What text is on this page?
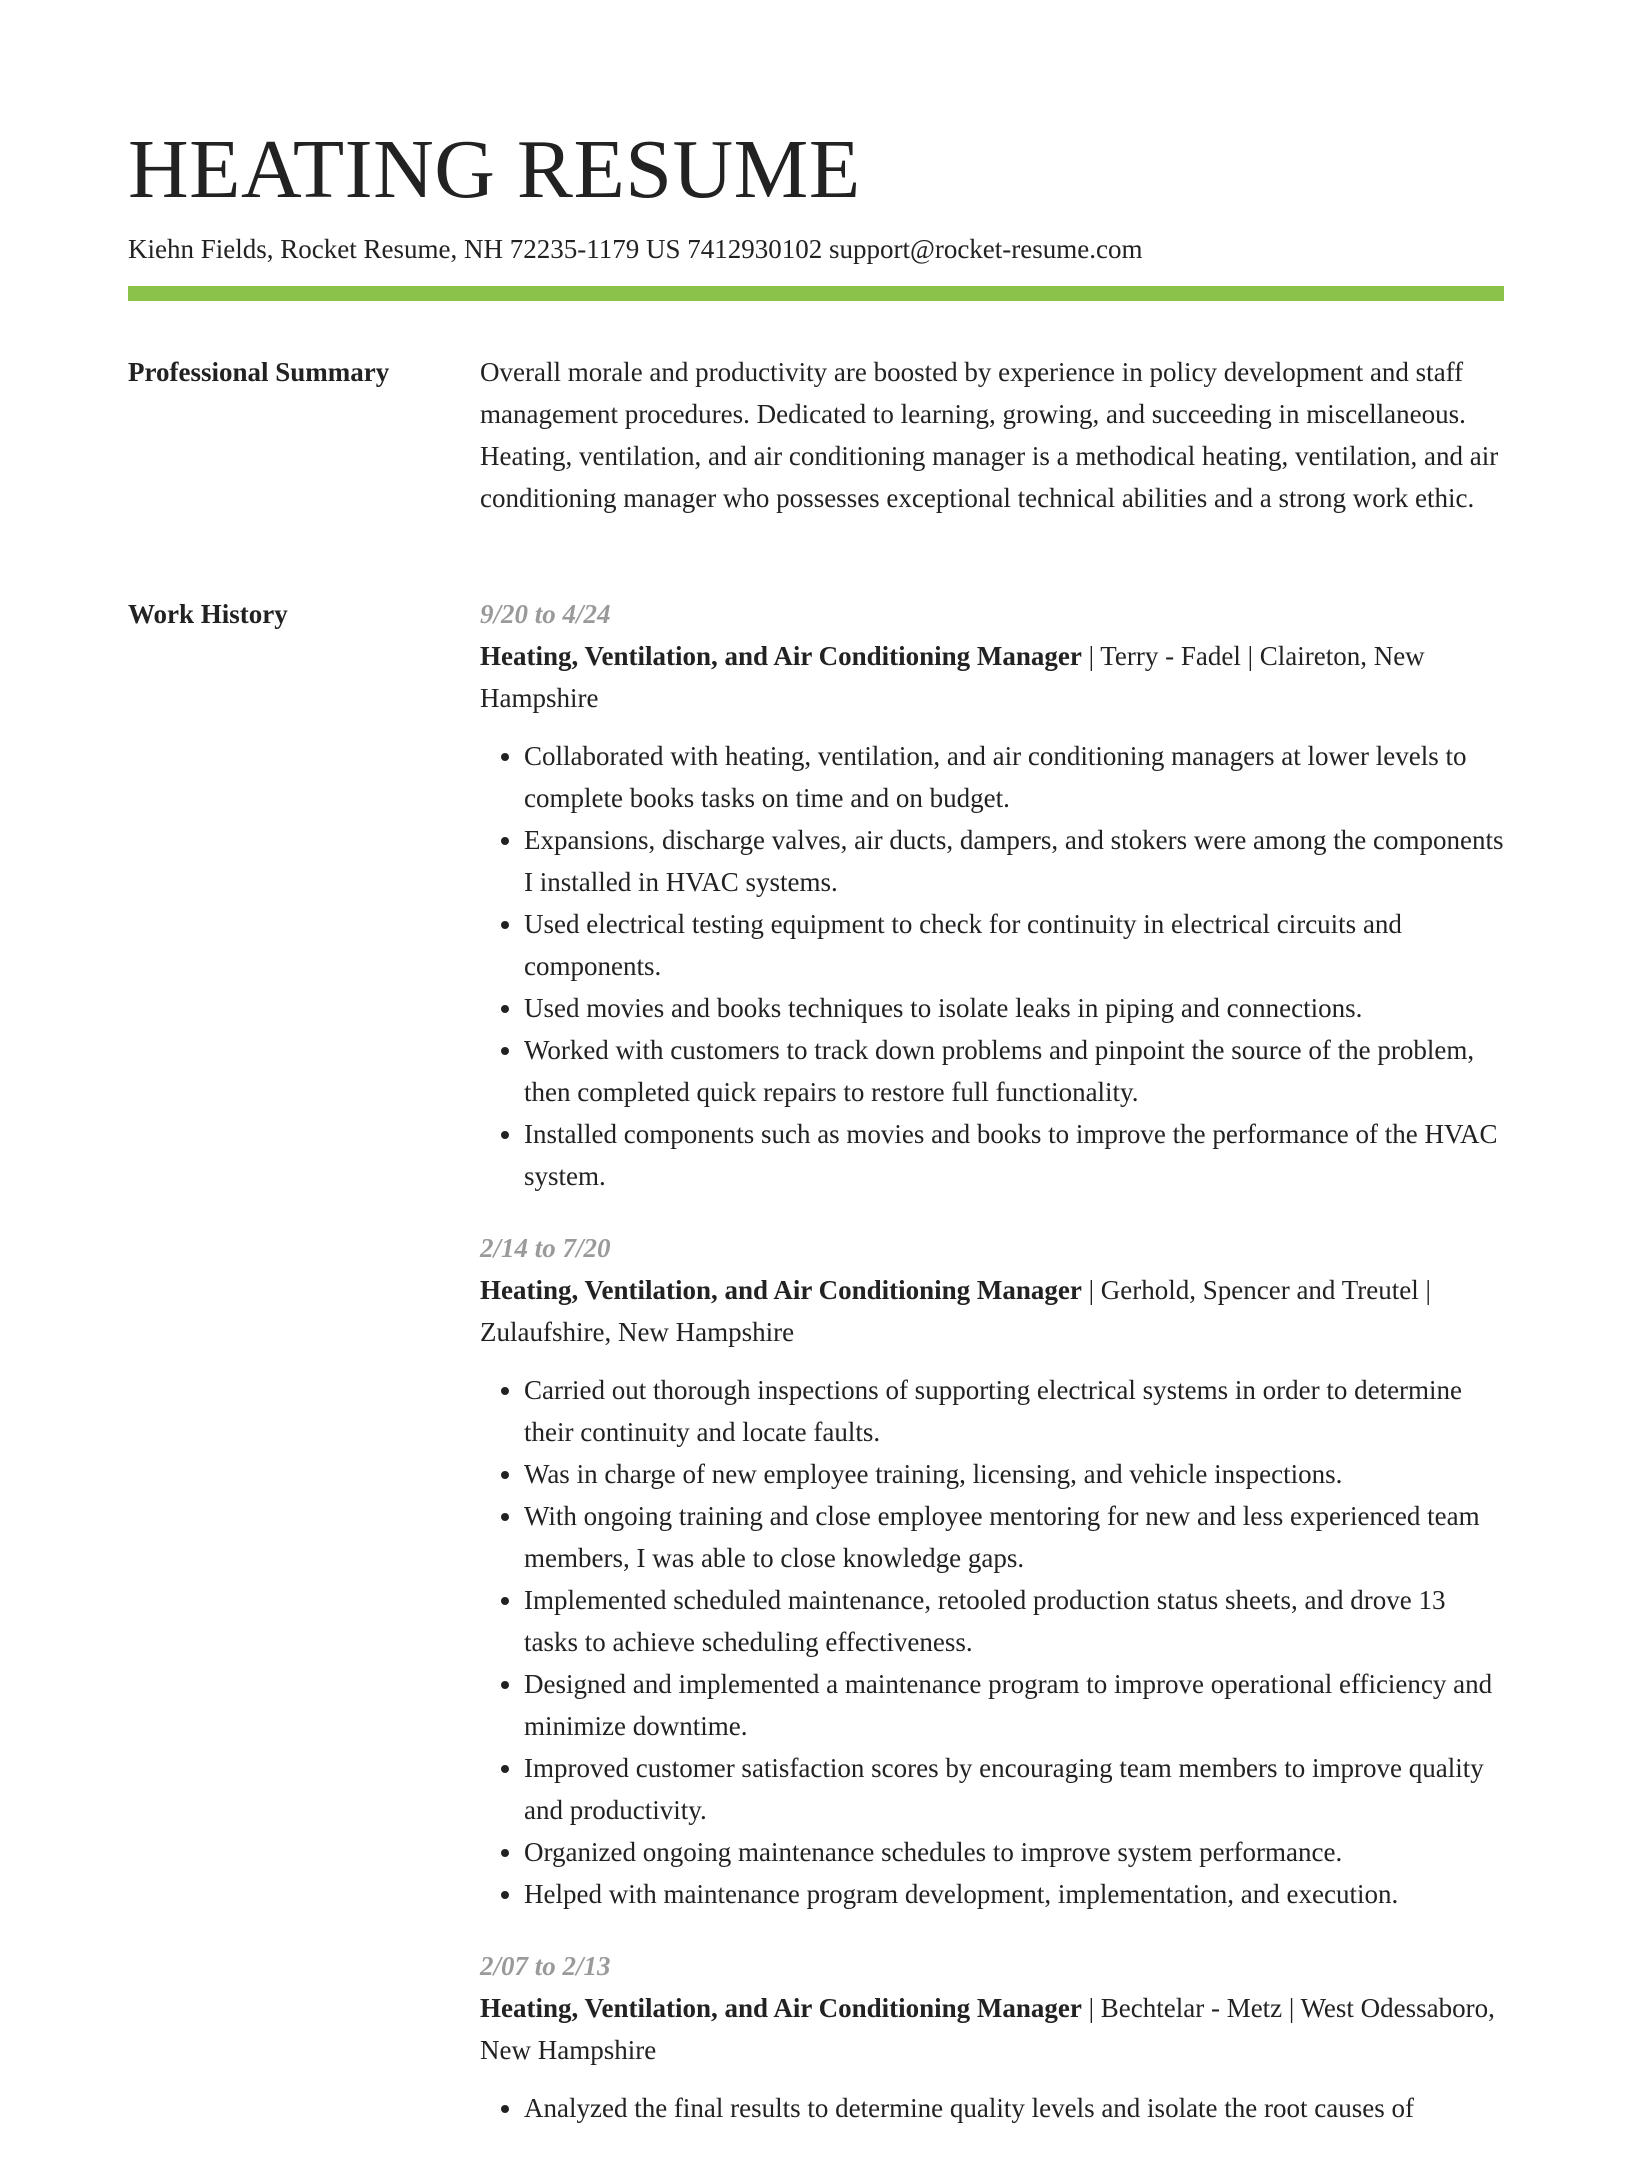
HEATING RESUME
Kiehn Fields, Rocket Resume, NH 72235-1179 US 7412930102 support@rocket-resume.com
Professional Summary	Overall morale and productivity are boosted by experience in policy development and staff management procedures. Dedicated to learning, growing, and succeeding in miscellaneous. Heating, ventilation, and air conditioning manager is a methodical heating, ventilation, and air conditioning manager who possesses exceptional technical abilities and a strong work ethic.

Work History	9/20 to 4/24
Heating, Ventilation, and Air Conditioning Manager | Terry - Fadel | Claireton, New Hampshire
• Collaborated with heating, ventilation, and air conditioning managers at lower levels to complete books tasks on time and on budget.
• Expansions, discharge valves, air ducts, dampers, and stokers were among the components I installed in HVAC systems.
• Used electrical testing equipment to check for continuity in electrical circuits and components.
• Used movies and books techniques to isolate leaks in piping and connections.
• Worked with customers to track down problems and pinpoint the source of the problem, then completed quick repairs to restore full functionality.
• Installed components such as movies and books to improve the performance of the HVAC system.
2/14 to 7/20
Heating, Ventilation, and Air Conditioning Manager | Gerhold, Spencer and Treutel | Zulaufshire, New Hampshire
• Carried out thorough inspections of supporting electrical systems in order to determine their continuity and locate faults.
• Was in charge of new employee training, licensing, and vehicle inspections.
• With ongoing training and close employee mentoring for new and less experienced team members, I was able to close knowledge gaps.
• Implemented scheduled maintenance, retooled production status sheets, and drove 13 tasks to achieve scheduling effectiveness.
• Designed and implemented a maintenance program to improve operational efficiency and minimize downtime.
• Improved customer satisfaction scores by encouraging team members to improve quality and productivity.
• Organized ongoing maintenance schedules to improve system performance.
• Helped with maintenance program development, implementation, and execution.
2/07 to 2/13
Heating, Ventilation, and Air Conditioning Manager | Bechtelar - Metz | West Odessaboro, New Hampshire
• Analyzed the final results to determine quality levels and isolate the root causes of
